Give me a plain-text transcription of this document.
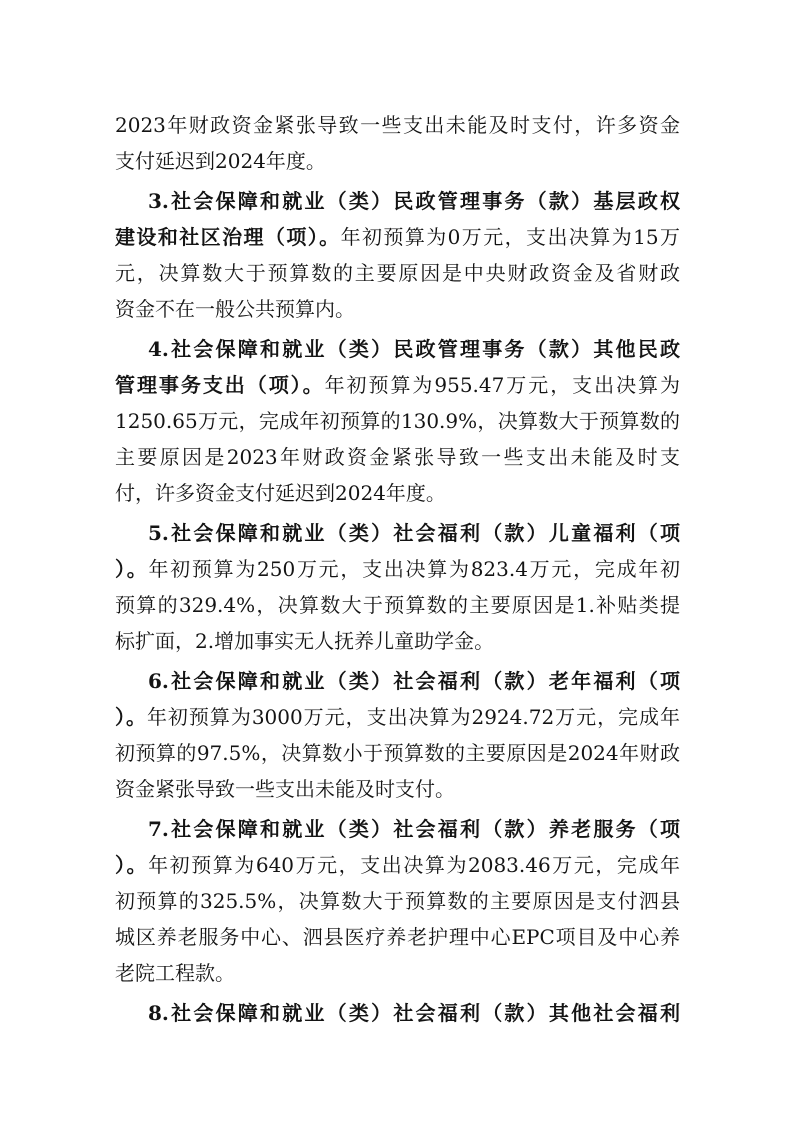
2023年财政资金紧张导致一些支出未能及时支付，许多资金
支付延迟到2024年度。
3.社会保障和就业（类）民政管理事务（款）基层政权
建设和社区治理（项）。年初预算为0万元，支出决算为15万
元，决算数大于预算数的主要原因是中央财政资金及省财政
资金不在一般公共预算内。
4.社会保障和就业（类）民政管理事务（款）其他民政
管理事务支出（项）。年初预算为955.47万元，支出决算为
1250.65万元，完成年初预算的130.9%，决算数大于预算数的
主要原因是2023年财政资金紧张导致一些支出未能及时支
付，许多资金支付延迟到2024年度。
5.社会保障和就业（类）社会福利（款）儿童福利（项
）。年初预算为250万元，支出决算为823.4万元，完成年初
预算的329.4%，决算数大于预算数的主要原因是1.补贴类提
标扩面，2.增加事实无人抚养儿童助学金。
6.社会保障和就业（类）社会福利（款）老年福利（项
）。年初预算为3000万元，支出决算为2924.72万元，完成年
初预算的97.5%，决算数小于预算数的主要原因是2024年财政
资金紧张导致一些支出未能及时支付。
7.社会保障和就业（类）社会福利（款）养老服务（项
）。年初预算为640万元，支出决算为2083.46万元，完成年
初预算的325.5%，决算数大于预算数的主要原因是支付泗县
城区养老服务中心、泗县医疗养老护理中心EPC项目及中心养
老院工程款。
8.社会保障和就业（类）社会福利（款）其他社会福利
